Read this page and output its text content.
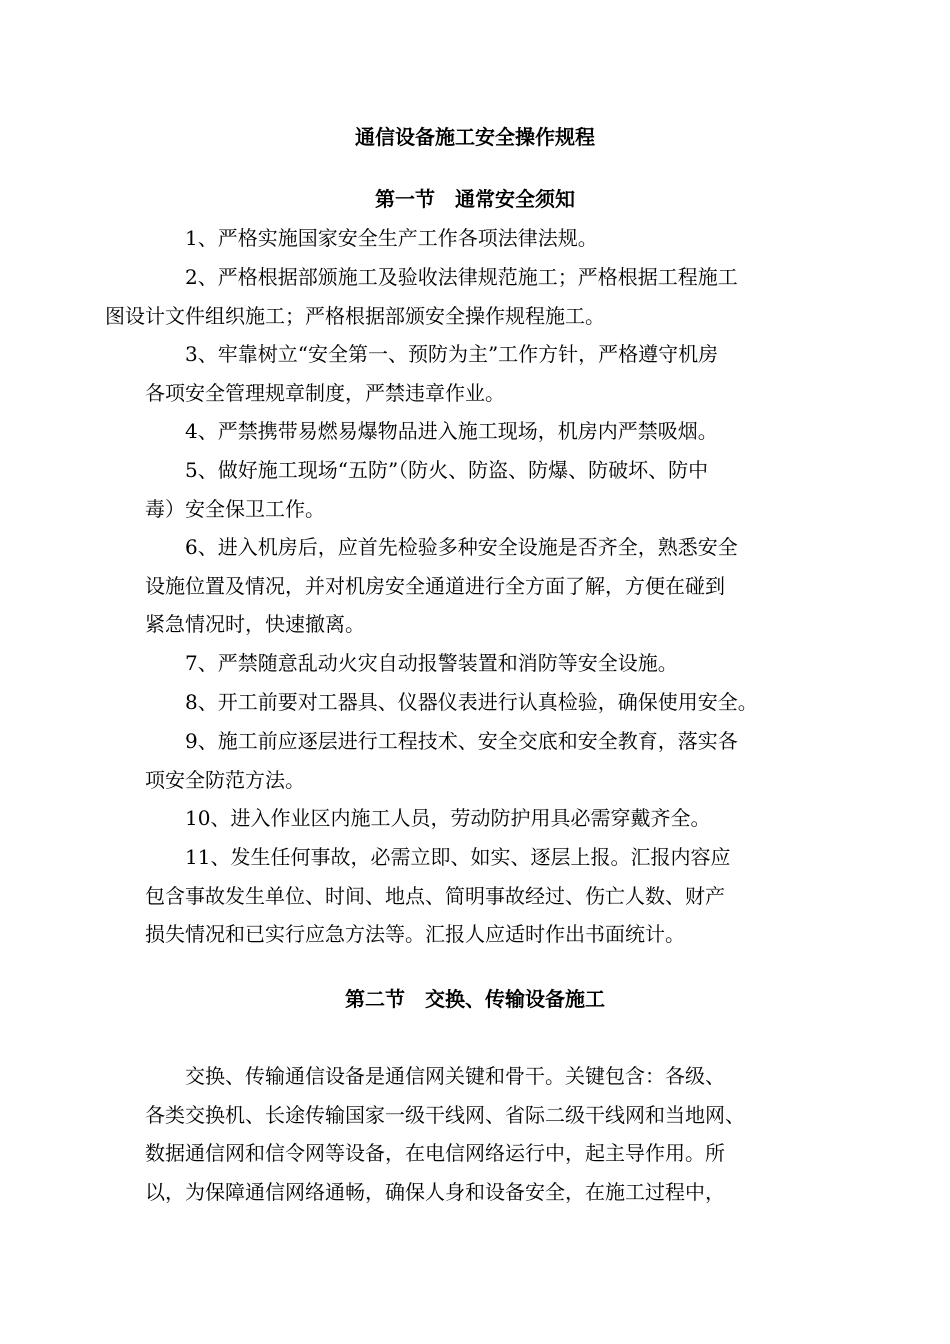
通信设备施工安全操作规程
第一节　通常安全须知

1、严格实施国家安全生产工作各项法律法规。

2、严格根据部颁施工及验收法律规范施工；严格根据工程施工
图设计文件组织施工；严格根据部颁安全操作规程施工。

3、牢靠树立“安全第一、预防为主”工作方针，严格遵守机房
各项安全管理规章制度，严禁违章作业。

4、严禁携带易燃易爆物品进入施工现场，机房内严禁吸烟。

5、做好施工现场“五防”（防火、防盗、防爆、防破坏、防中
毒）安全保卫工作。

6、进入机房后，应首先检验多种安全设施是否齐全，熟悉安全
设施位置及情况，并对机房安全通道进行全方面了解，方便在碰到
紧急情况时，快速撤离。

7、严禁随意乱动火灾自动报警装置和消防等安全设施。

8、开工前要对工器具、仪器仪表进行认真检验，确保使用安全。

9、施工前应逐层进行工程技术、安全交底和安全教育，落实各
项安全防范方法。

10、进入作业区内施工人员，劳动防护用具必需穿戴齐全。

11、发生任何事故，必需立即、如实、逐层上报。汇报内容应
包含事故发生单位、时间、地点、简明事故经过、伤亡人数、财产
损失情况和已实行应急方法等。汇报人应适时作出书面统计。

第二节　交换、传输设备施工

交换、传输通信设备是通信网关键和骨干。关键包含：各级、
各类交换机、长途传输国家一级干线网、省际二级干线网和当地网、
数据通信网和信令网等设备，在电信网络运行中，起主导作用。所
以，为保障通信网络通畅，确保人身和设备安全，在施工过程中，
